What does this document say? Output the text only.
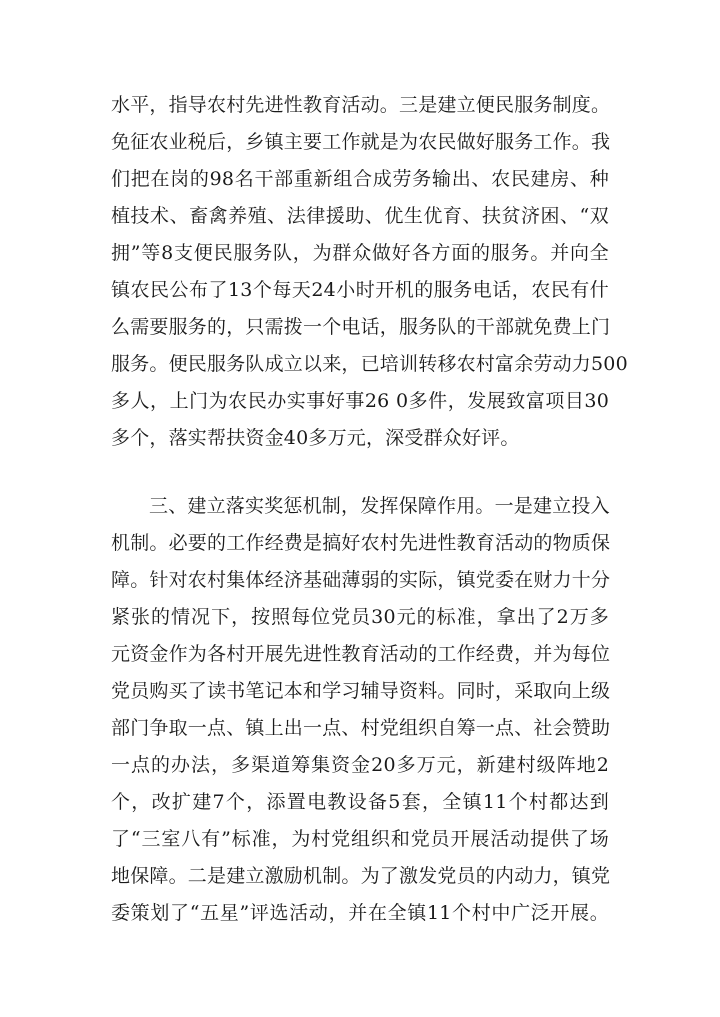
水平，指导农村先进性教育活动。三是建立便民服务制度。
免征农业税后，乡镇主要工作就是为农民做好服务工作。我
们把在岗的98名干部重新组合成劳务输出、农民建房、种
植技术、畜禽养殖、法律援助、优生优育、扶贫济困、“双
拥”等8支便民服务队，为群众做好各方面的服务。并向全
镇农民公布了13个每天24小时开机的服务电话，农民有什
么需要服务的，只需拨一个电话，服务队的干部就免费上门
服务。便民服务队成立以来，已培训转移农村富余劳动力500
多人，上门为农民办实事好事26 0多件，发展致富项目30
多个，落实帮扶资金40多万元，深受群众好评。
三、建立落实奖惩机制，发挥保障作用。一是建立投入
机制。必要的工作经费是搞好农村先进性教育活动的物质保
障。针对农村集体经济基础薄弱的实际，镇党委在财力十分
紧张的情况下，按照每位党员30元的标准，拿出了2万多
元资金作为各村开展先进性教育活动的工作经费，并为每位
党员购买了读书笔记本和学习辅导资料。同时，采取向上级
部门争取一点、镇上出一点、村党组织自筹一点、社会赞助
一点的办法，多渠道筹集资金20多万元，新建村级阵地2
个，改扩建7个，添置电教设备5套，全镇11个村都达到
了“三室八有”标准，为村党组织和党员开展活动提供了场
地保障。二是建立激励机制。为了激发党员的内动力，镇党
委策划了“五星”评选活动，并在全镇11个村中广泛开展。
